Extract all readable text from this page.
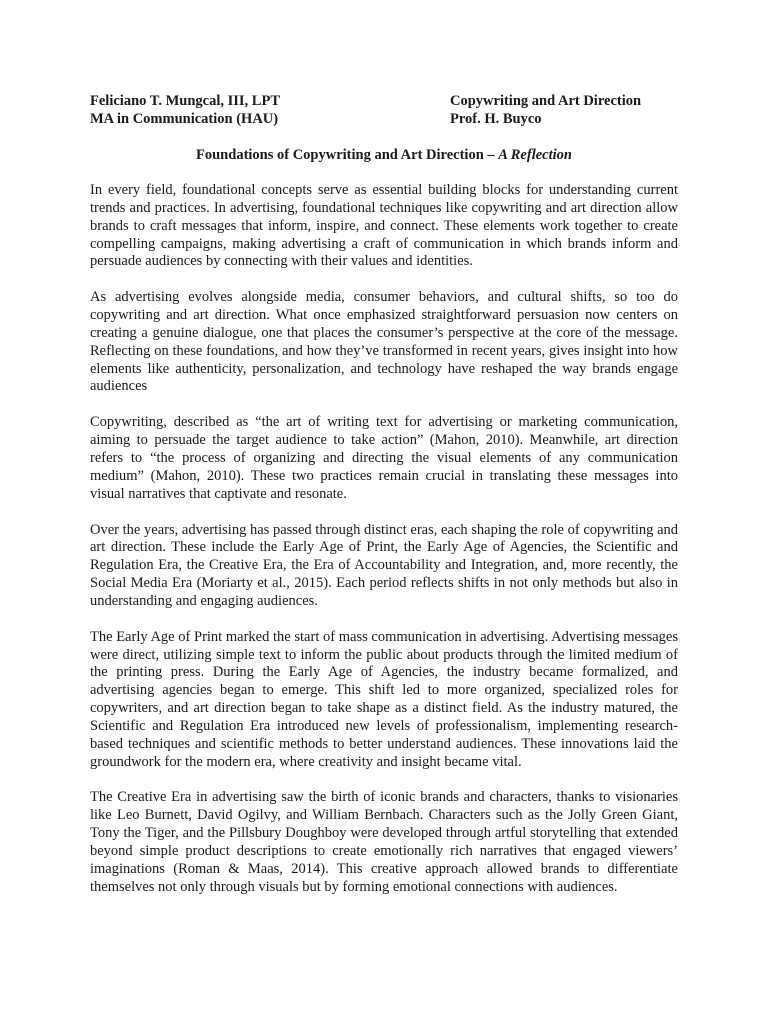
Feliciano T. Mungcal, III, LPT
MA in Communication (HAU)
Copywriting and Art Direction
Prof. H. Buyco
Foundations of Copywriting and Art Direction – A Reflection

In every field, foundational concepts serve as essential building blocks for understanding current trends and practices. In advertising, foundational techniques like copywriting and art direction allow brands to craft messages that inform, inspire, and connect. These elements work together to create compelling campaigns, making advertising a craft of communication in which brands inform and persuade audiences by connecting with their values and identities.

As advertising evolves alongside media, consumer behaviors, and cultural shifts, so too do copywriting and art direction. What once emphasized straightforward persuasion now centers on creating a genuine dialogue, one that places the consumer’s perspective at the core of the message. Reflecting on these foundations, and how they’ve transformed in recent years, gives insight into how elements like authenticity, personalization, and technology have reshaped the way brands engage audiences

Copywriting, described as “the art of writing text for advertising or marketing communication, aiming to persuade the target audience to take action” (Mahon, 2010). Meanwhile, art direction refers to “the process of organizing and directing the visual elements of any communication medium” (Mahon, 2010). These two practices remain crucial in translating these messages into visual narratives that captivate and resonate.

Over the years, advertising has passed through distinct eras, each shaping the role of copywriting and art direction. These include the Early Age of Print, the Early Age of Agencies, the Scientific and Regulation Era, the Creative Era, the Era of Accountability and Integration, and, more recently, the Social Media Era (Moriarty et al., 2015). Each period reflects shifts in not only methods but also in understanding and engaging audiences.

The Early Age of Print marked the start of mass communication in advertising. Advertising messages were direct, utilizing simple text to inform the public about products through the limited medium of the printing press. During the Early Age of Agencies, the industry became formalized, and advertising agencies began to emerge. This shift led to more organized, specialized roles for copywriters, and art direction began to take shape as a distinct field. As the industry matured, the Scientific and Regulation Era introduced new levels of professionalism, implementing research-based techniques and scientific methods to better understand audiences. These innovations laid the groundwork for the modern era, where creativity and insight became vital.

The Creative Era in advertising saw the birth of iconic brands and characters, thanks to visionaries like Leo Burnett, David Ogilvy, and William Bernbach. Characters such as the Jolly Green Giant, Tony the Tiger, and the Pillsbury Doughboy were developed through artful storytelling that extended beyond simple product descriptions to create emotionally rich narratives that engaged viewers’ imaginations (Roman & Maas, 2014). This creative approach allowed brands to differentiate themselves not only through visuals but by forming emotional connections with audiences.
